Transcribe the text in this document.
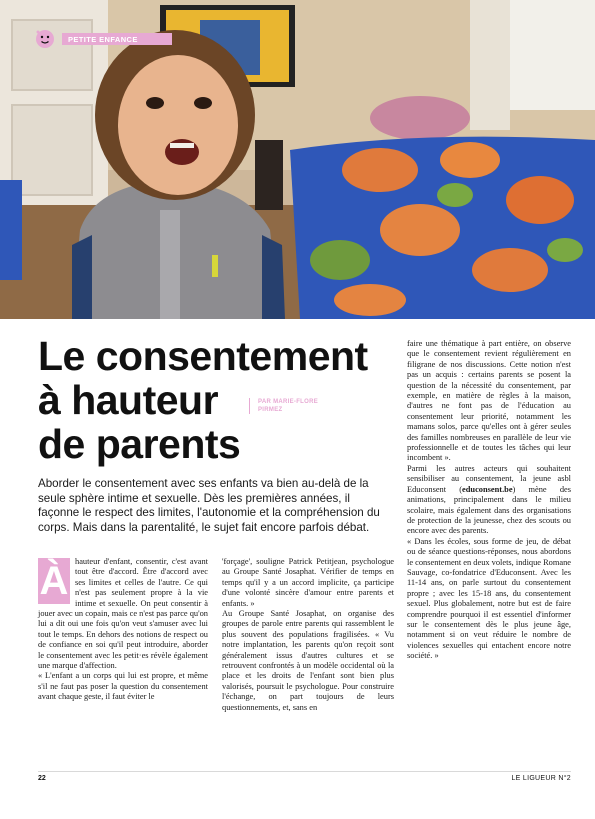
PETITE ENFANCE
Le consentement
à hauteur
de parents
PAR MARIE-FLORE
PIRMEZ

Aborder le consentement avec ses enfants va bien au-delà de la seule sphère intime et sexuelle. Dès les premières années, il façonne le respect des limites, l'autonomie et la compréhension du corps. Mais dans la parentalité, le sujet fait encore parfois débat.

À hauteur d'enfant, consentir, c'est avant tout être d'accord. Être d'accord avec ses limites et celles de l'autre. Ce qui n'est pas seulement propre à la vie intime et sexuelle. On peut consentir à jouer avec un copain, mais ce n'est pas parce qu'on lui a dit oui une fois qu'on veut s'amuser avec lui tout le temps. En dehors des notions de respect ou de confiance en soi qu'il peut introduire, aborder le consentement avec les petit·es révèle également une marque d'affection.

« L'enfant a un corps qui lui est propre, et même s'il ne faut pas poser la question du consentement avant chaque geste, il faut éviter le

'forçage', souligne Patrick Petitjean, psychologue au Groupe Santé Josaphat. Vérifier de temps en temps qu'il y a un accord implicite, ça participe d'une volonté sincère d'amour entre parents et enfants. »

Au Groupe Santé Josaphat, on organise des groupes de parole entre parents qui rassemblent le plus souvent des populations fragilisées. « Vu notre implantation, les parents qu'on reçoit sont généralement issus d'autres cultures et se retrouvent confrontés à un modèle occidental où la place et les droits de l'enfant sont bien plus valorisés, poursuit le psychologue. Pour construire l'échange, on part toujours de leurs questionnements, et, sans en

faire une thématique à part entière, on observe que le consentement revient régulièrement en filigrane de nos discussions. Cette notion n'est pas un acquis : certains parents se posent la question de la nécessité du consentement, par exemple, en matière de règles à la maison, d'autres ne font pas de l'éducation au consentement leur priorité, notamment les mamans solos, parce qu'elles ont à gérer seules des familles nombreuses en parallèle de leur vie professionnelle et de toutes les tâches qui leur incombent ».

Parmi les autres acteurs qui souhaitent sensibiliser au consentement, la jeune asbl Educonsent (educonsent.be) mène des animations, principalement dans le milieu scolaire, mais également dans des organisations de protection de la jeunesse, chez des scouts ou encore avec des parents.

« Dans les écoles, sous forme de jeu, de débat ou de séance questions-réponses, nous abordons le consentement en deux volets, indique Romane Sauvage, co-fondatrice d'Educonsent. Avec les 11-14 ans, on parle surtout du consentement propre ; avec les 15-18 ans, du consentement sexuel. Plus globalement, notre but est de faire comprendre pourquoi il est essentiel d'informer sur le consentement dès le plus jeune âge, notamment si on veut réduire le nombre de violences sexuelles qui entachent encore notre société. »

22	LE LIGUEUR N°2
